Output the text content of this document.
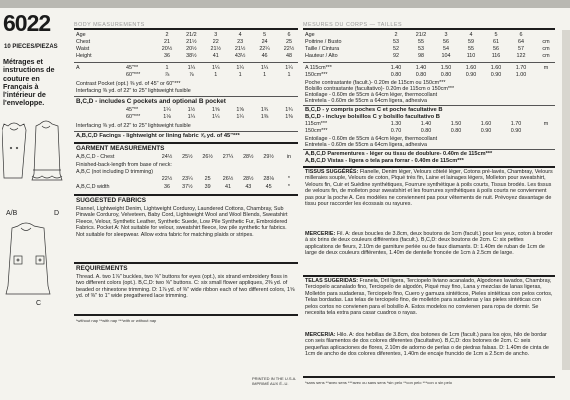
6022
10 PIECES/PIEZAS
Métrages et instructions de couture en Français à l'intérieur de l'enveloppe.
A/B	D
C
BODY MEASUREMENTS
Age	2	21/2	3	4	5	6
Chest	21	21½	22	23	24	25
Waist	20½	20½	21½	21½	22¼	22½
Height	36	38½	41	43½	46	48
A	45"**	1	1¼	1¼	1¼	1¼	1¼
60"***	⅞	⅞	1	1	1	1
Contrast Pocket (opt.) ⅜ yd. of 45" or 60"***
Interfacing ⅜ yd. of 22" to 25" lightweight fusible
B,C,D - includes C pockets and optional B pocket
45"**	1¼	1½	1⅝	1⅝	1¾	1¾
60"***	1⅛	1¼	1¼	1¼	1⅜	1⅜
Interfacing ⅜ yd. of 22" to 25" lightweight fusible
A,B,C,D Facings - lightweight or lining fabric ⅝ yd. of 45"***
GARMENT MEASUREMENTS
A,B,C,D - Chest	24½	25½	26½	27¼	28½	29½	in
Finished-back-length from base of neck:
A,B,C (not including D trimming)
22½	23¼	25	26½	28½	28⅛	*
A,B,C,D width	36	37½	39	41	43	45	*
SUGGESTED FABRICS
Flannel, Lightweight Denim, Lightweight Corduroy, Laundered Cottons, Chambray, Sub Pinwale Corduroy, Velveteen, Baby Cord, Lightweight Wool and Wool Blends, Sweatshirt Fleece, Velour, Synthetic Leather, Synthetic Suede, Low Pile Synthetic Fur, Embroidered Fabrics. Pocket A: Not suitable for velour, sweatshirt fleece, low pile synthetic fur fabrics. Not suitable for sleepwear. Allow extra fabric for matching plaids or stripes.
REQUIREMENTS
Thread. A. two 1⅞" buckles, two ⅝" buttons for eyes (opt.), six strand embroidery floss in two different colors (opt.). B,C,D: two ⅝" buttons. C: six small flower appliques, 2⅜ yd. of beaded or rhinestone trimming. D: 1⅞ yd. of ⅜" wide ribbon each of two different colors, 1⅝ yd. of ⅜" to 1" wide pregathered lace trimming.
*without nap **with nap ***with or without nap
MESURES DU CORPS — TAILLES
Age	2	21/2	3	4	5	6
Poitrine / Busto	53	55	56	59	61	64	cm
Taille / Cintura	52	53	54	55	56	57	cm
Hauteur / Alto	92	98	104	110	116	122	cm
A 115cm***	1.40	1.40	1.50	1.60	1.60	1.70	m
150cm***	0.80	0.80	0.80	0.90	0.90	1.00
Poche contrastante (facult.)- 0.20m de 115cm ou 150cm***
Bolsillo contrastante (facultativo)- 0.20m de 115cm o 150cm***
Entoilage - 0.60m de 55cm à 64cm léger, thermocollant
Entretela - 0.60m de 55cm a 64cm ligera, adhesiva
B,C,D - y compris poches C et poche facultative B
B,C,D - incluye bolsillos C y bolsillo facultativo B
115cm***	1.30	1.40	1.50	1.60	1.70	m
150cm***	0.70	0.80	0.80	0.90	0.90
Entoilage - 0.60m de 55cm à 64cm léger, thermocollant
Entretela - 0.60m de 55cm a 64cm ligera, adhesiva
A,B,C,D Parementures - léger ou tissu de doublure- 0.40m de 115cm***
A,B,C,D Vistas - ligera o tela para forrar - 0.40m de 115cm***
TISSUS SUGGÉRÉS: Flanelle, Denim léger, Velours côtelé léger, Cotons pré-lavés, Chambray, Velours milleraies souple, Velours de coton, Piqué très fin, Laine et lainages légers, Molleton pour sweatshirt, Velours fin, Cuir et Suédine synthétiques, Fourrure synthétique à poils courts, Tissus brodés. Les tissus de velours fin, de molleton pour sweatshirt et les fourrures synthétiques à poils courts ne conviennent pas pour la poche A. Ces modèles ne conviennent pas pour vêtements de nuit. Prévoyez davantage de tissu pour raccorder les écossais ou rayures.
MERCERIE: Fil. A: deux boucles de 3.8cm, deux boutons de 1cm (facult.) pour les yeux, coton à broder à six brins de deux couleurs différentes (facult.). B,C,D: deux boutons de 2cm. C: six petites applications de fleurs, 2.10m de garniture perlée ou de faux diamants. D: 1.40m de ruban de 1cm de large de deux couleurs différentes, 1.40m de dentelle froncée de 1cm à 2.5cm de large.
TELAS SUGERIDAS: Franela, Dril ligera, Terciopelo liviano acanalado, Algodones lavados, Chambray, Terciopelo acanalado fino, Terciopelo de algodón, Piqué muy fino, Lana y mezclas de lanas ligeras, Molletón para sudaderas, Terciopelo fino, Cuero y gamuza sintéticos, Pieles sintéticas con pelos cortos, Telas bordadas. Las telas de terciopelo fino, de molletón para sudaderas y las pieles sintéticas con pelos cortos no convienen para el bolsillo A. Estos modelos no convienen para ropa de dormir. Se necesita tela extra para casar cuadros o rayas.
MERCERIA: Hilo. A: dos hebillas de 3.8cm, dos botones de 1cm (facult.) para los ojos, hilo de bordar con seis filamentos de dos colores diferentes (facultativo). B,C,D: dos botones de 2cm. C: seis pequeñas aplicaciones de flores, 2.10m de adorno de perlas o de piedras falsas. D: 1.40m de cinta de 1cm de ancho de dos colores diferentes, 1.40m de encaje fruncido de 1cm a 2.5cm de ancho.
*sans sens **avec sens ***avec ou sans sens *sin pelo **con pelo ***con o sin pelo
PRINTED IN THE U.S.A.
IMPRIMÉ AUX É.-U.
